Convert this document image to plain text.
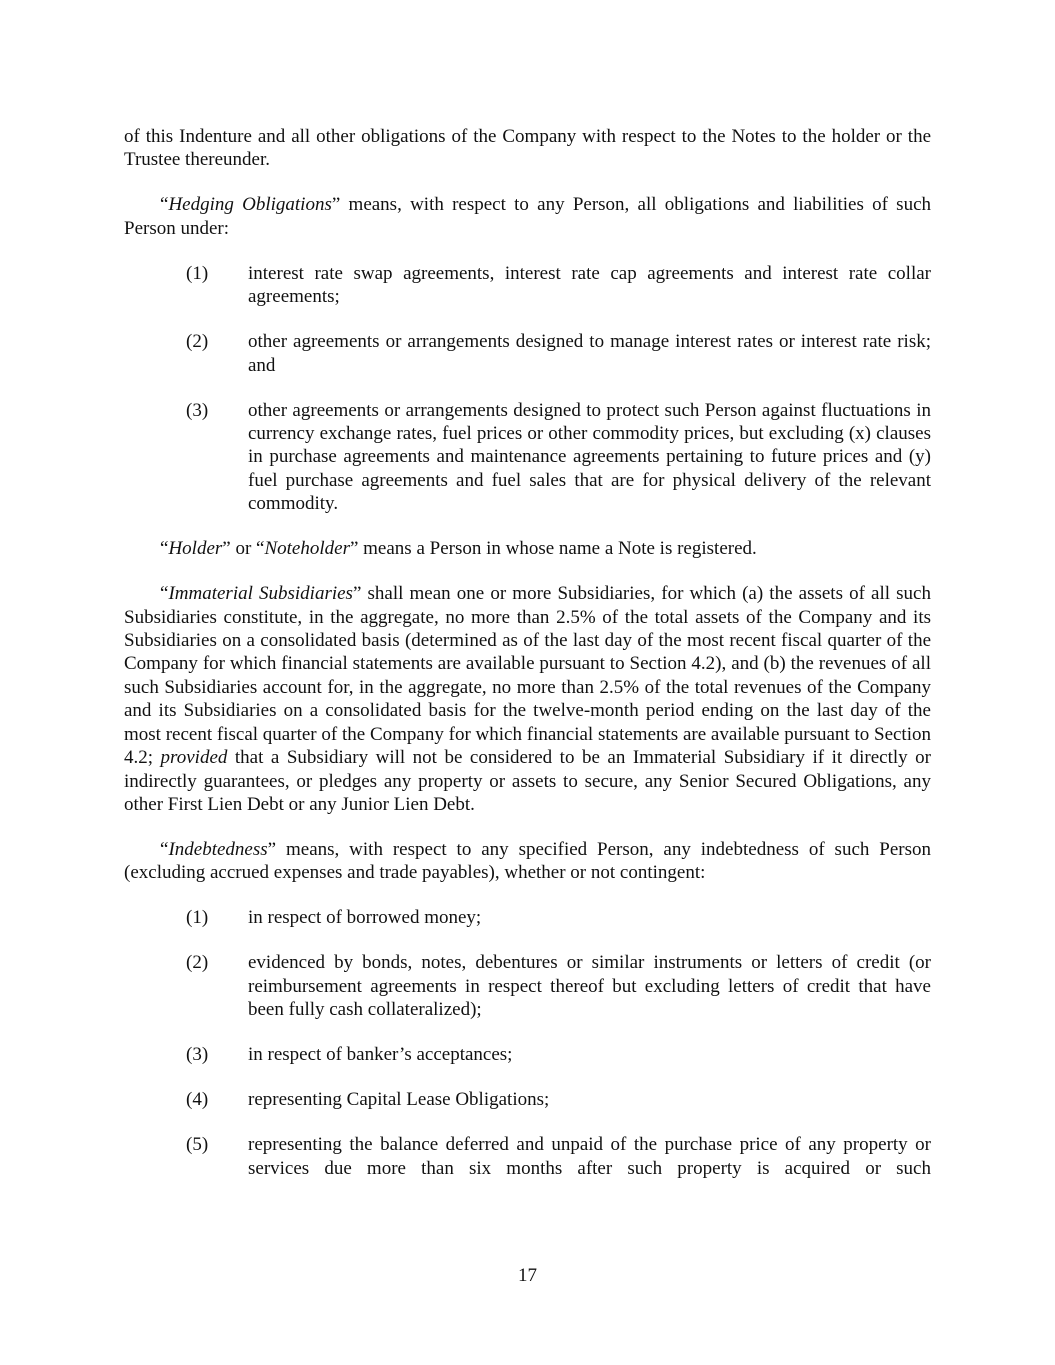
of this Indenture and all other obligations of the Company with respect to the Notes to the holder or the Trustee thereunder.

“Hedging Obligations” means, with respect to any Person, all obligations and liabilities of such Person under:

(1) interest rate swap agreements, interest rate cap agreements and interest rate collar agreements;
(2) other agreements or arrangements designed to manage interest rates or interest rate risk; and
(3) other agreements or arrangements designed to protect such Person against fluctuations in currency exchange rates, fuel prices or other commodity prices, but excluding (x) clauses in purchase agreements and maintenance agreements pertaining to future prices and (y) fuel purchase agreements and fuel sales that are for physical delivery of the relevant commodity.

“Holder” or “Noteholder” means a Person in whose name a Note is registered.

“Immaterial Subsidiaries” shall mean one or more Subsidiaries, for which (a) the assets of all such Subsidiaries constitute, in the aggregate, no more than 2.5% of the total assets of the Company and its Subsidiaries on a consolidated basis (determined as of the last day of the most recent fiscal quarter of the Company for which financial statements are available pursuant to Section 4.2), and (b) the revenues of all such Subsidiaries account for, in the aggregate, no more than 2.5% of the total revenues of the Company and its Subsidiaries on a consolidated basis for the twelve-month period ending on the last day of the most recent fiscal quarter of the Company for which financial statements are available pursuant to Section 4.2; provided that a Subsidiary will not be considered to be an Immaterial Subsidiary if it directly or indirectly guarantees, or pledges any property or assets to secure, any Senior Secured Obligations, any other First Lien Debt or any Junior Lien Debt.

“Indebtedness” means, with respect to any specified Person, any indebtedness of such Person (excluding accrued expenses and trade payables), whether or not contingent:

(1) in respect of borrowed money;
(2) evidenced by bonds, notes, debentures or similar instruments or letters of credit (or reimbursement agreements in respect thereof but excluding letters of credit that have been fully cash collateralized);
(3) in respect of banker’s acceptances;
(4) representing Capital Lease Obligations;
(5) representing the balance deferred and unpaid of the purchase price of any property or services due more than six months after such property is acquired or such
17
